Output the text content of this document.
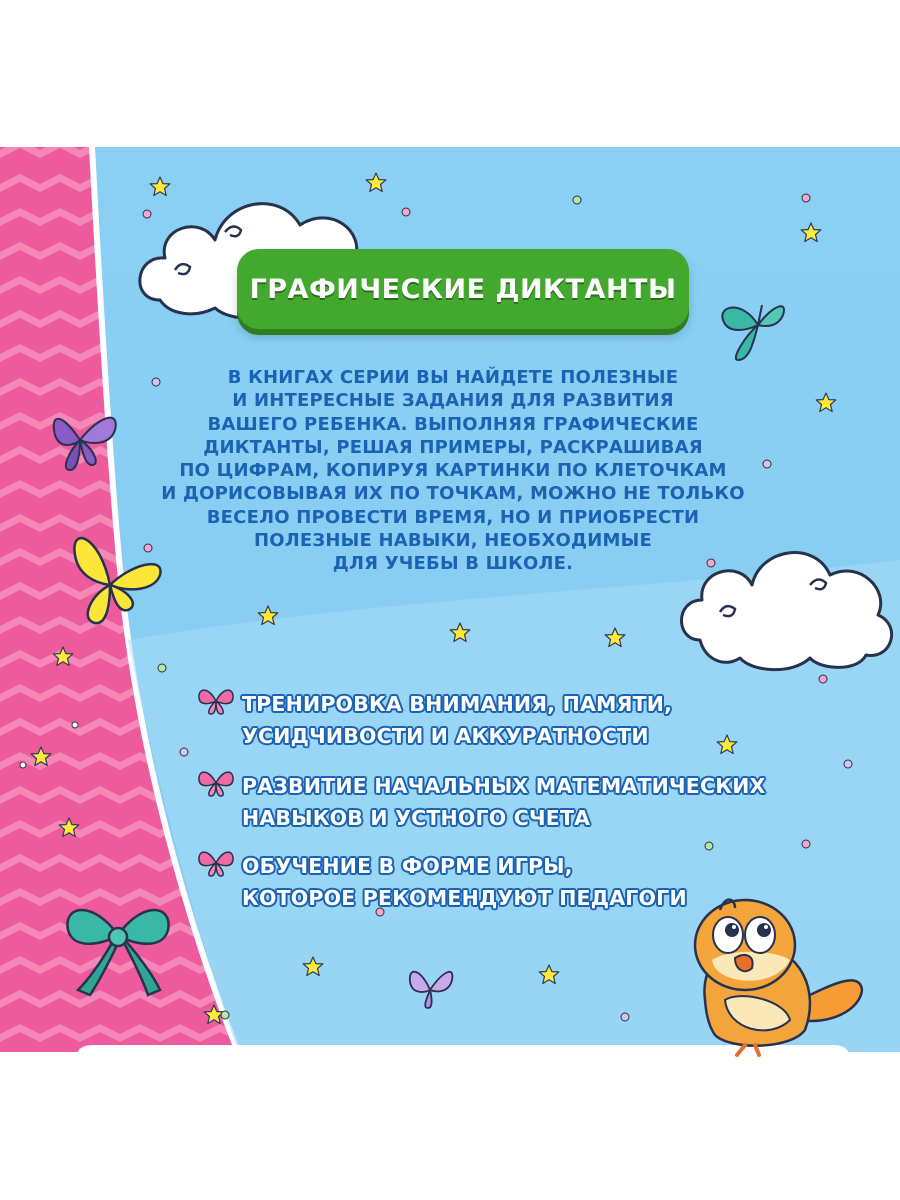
ГРАФИЧЕСКИЕ ДИКТАНТЫ
В КНИГАХ СЕРИИ ВЫ НАЙДЕТЕ ПОЛЕЗНЫЕ
И ИНТЕРЕСНЫЕ ЗАДАНИЯ ДЛЯ РАЗВИТИЯ
ВАШЕГО РЕБЕНКА. ВЫПОЛНЯЯ ГРАФИЧЕСКИЕ
ДИКТАНТЫ, РЕШАЯ ПРИМЕРЫ, РАСКРАШИВАЯ
ПО ЦИФРАМ, КОПИРУЯ КАРТИНКИ ПО КЛЕТОЧКАМ
И ДОРИСОВЫВАЯ ИХ ПО ТОЧКАМ, МОЖНО НЕ ТОЛЬКО
ВЕСЕЛО ПРОВЕСТИ ВРЕМЯ, НО И ПРИОБРЕСТИ
ПОЛЕЗНЫЕ НАВЫКИ, НЕОБХОДИМЫЕ
ДЛЯ УЧЕБЫ В ШКОЛЕ.
ТРЕНИРОВКА ВНИМАНИЯ, ПАМЯТИ,
УСИДЧИВОСТИ И АККУРАТНОСТИ
РАЗВИТИЕ НАЧАЛЬНЫХ МАТЕМАТИЧЕСКИХ
НАВЫКОВ И УСТНОГО СЧЕТА
ОБУЧЕНИЕ В ФОРМЕ ИГРЫ,
КОТОРОЕ РЕКОМЕНДУЮТ ПЕДАГОГИ
